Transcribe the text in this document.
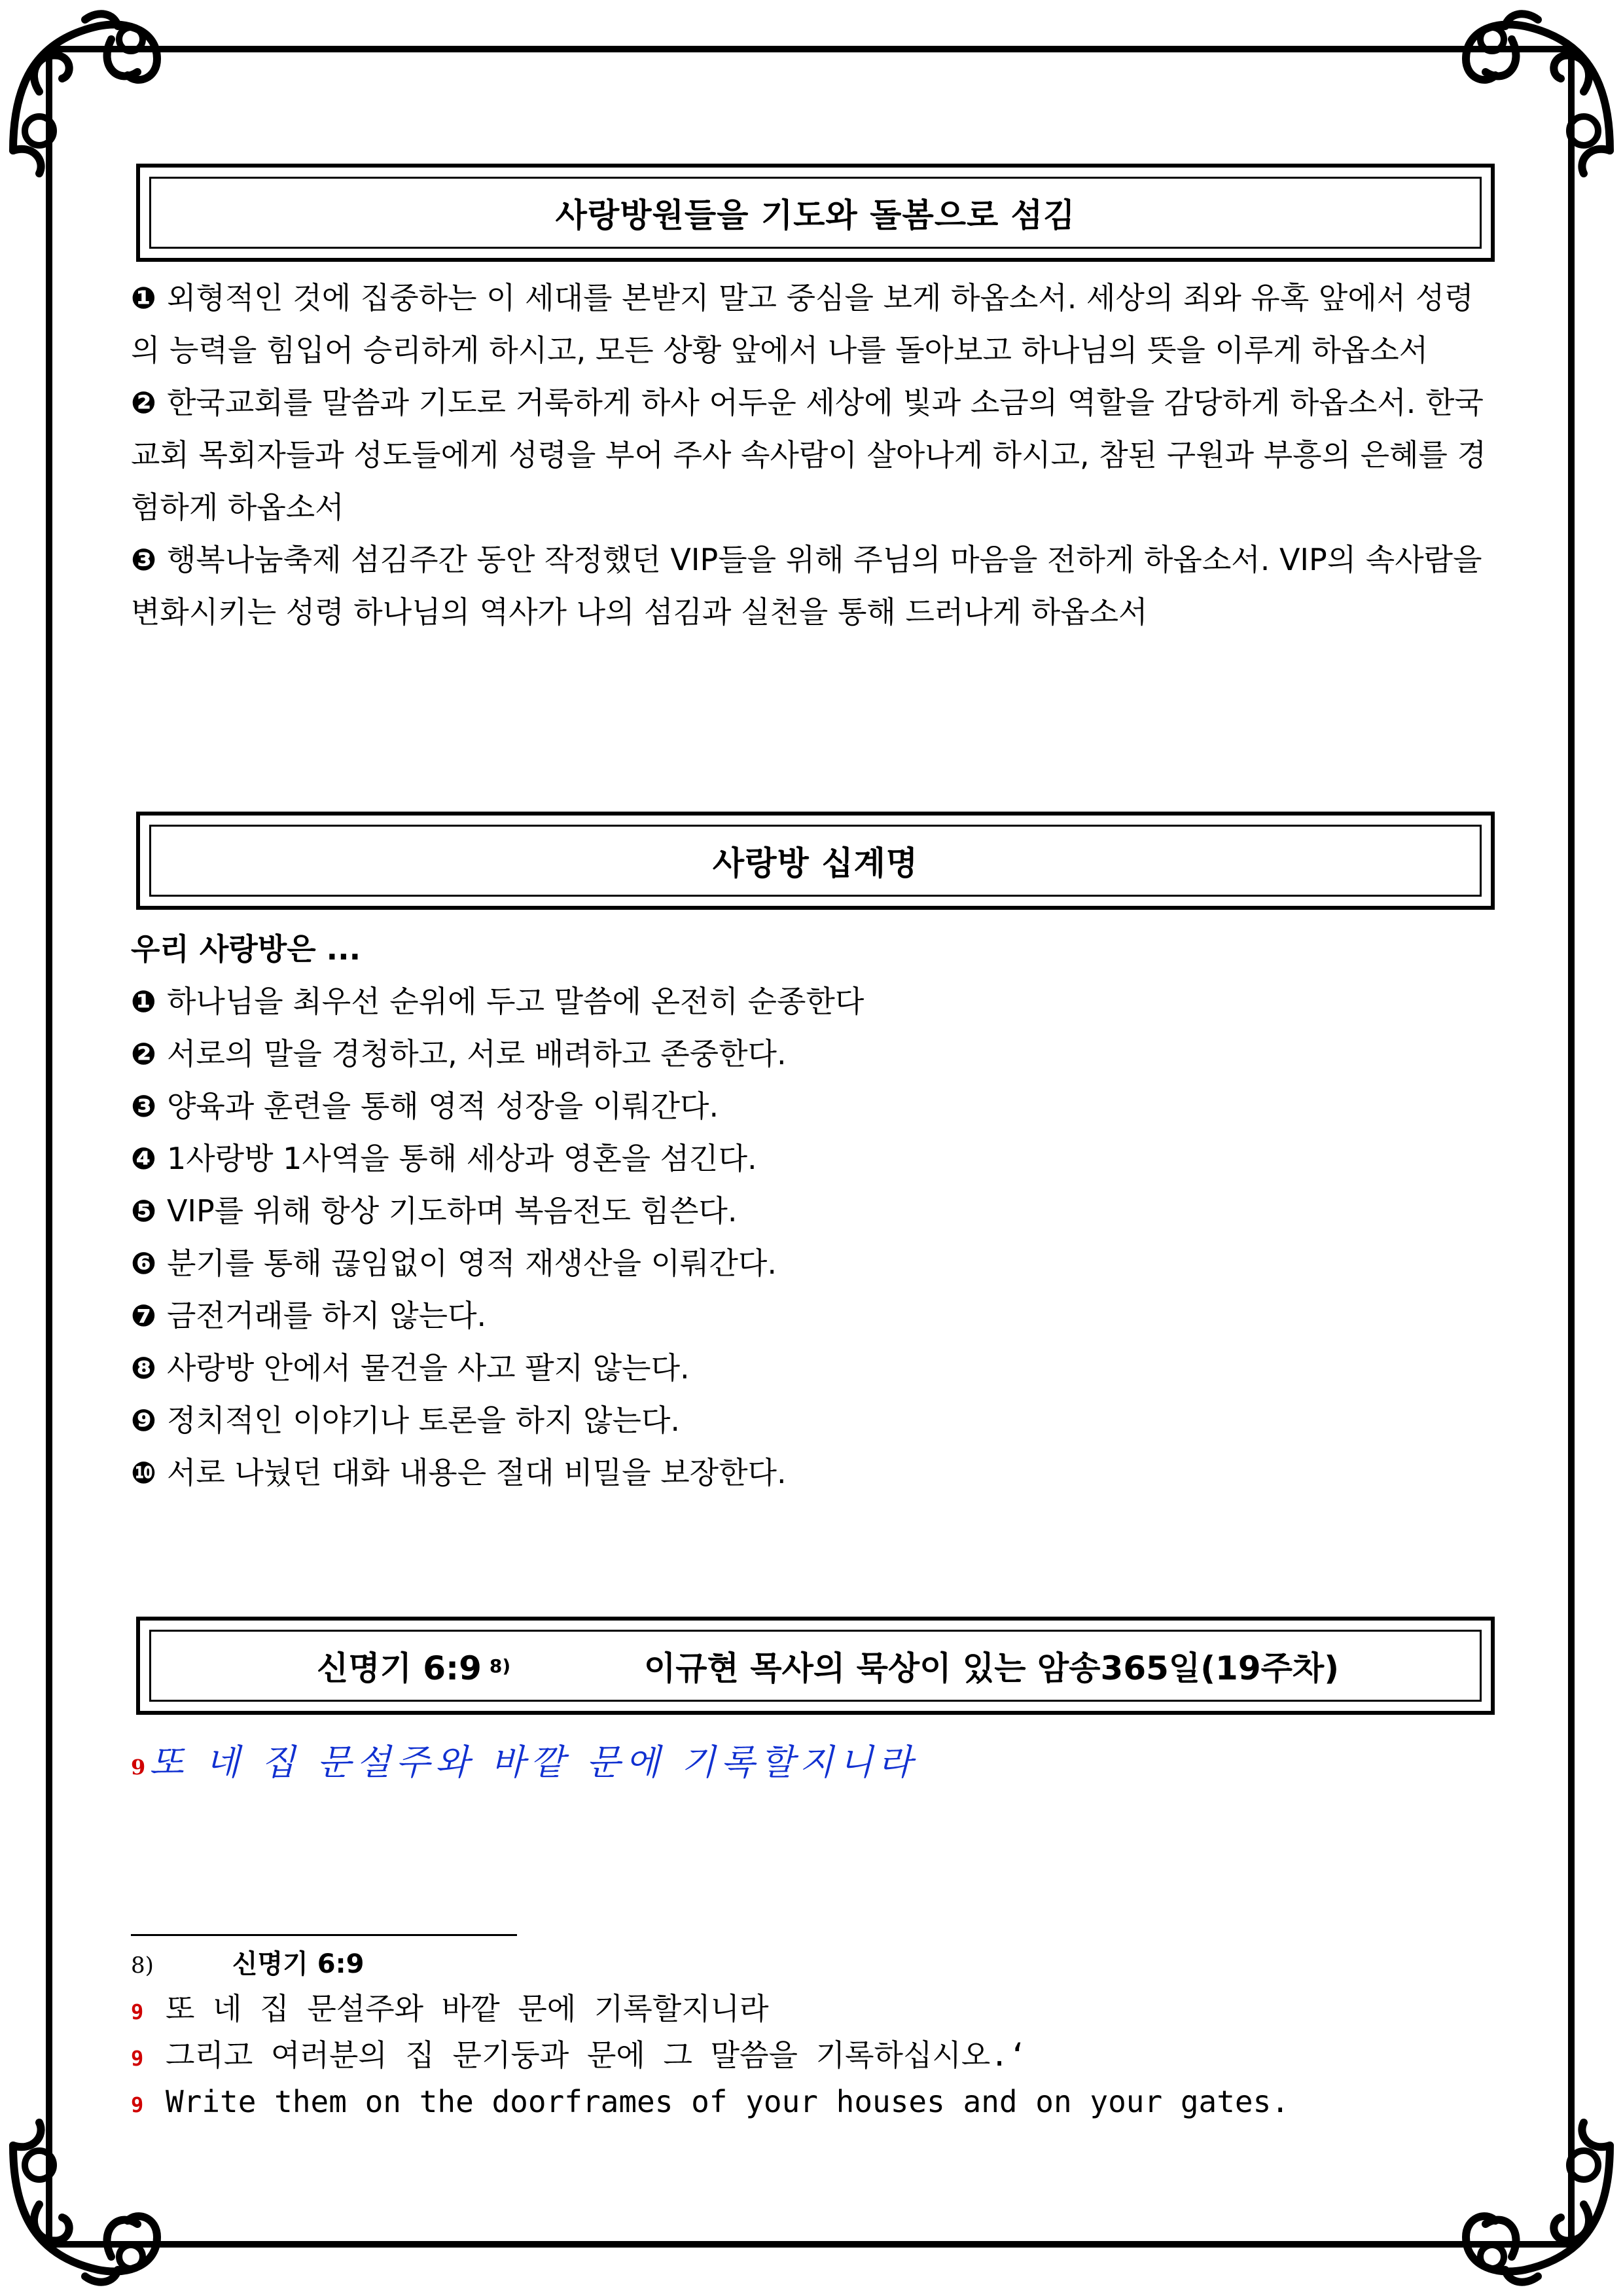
사랑방원들을 기도와 돌봄으로 섬김

❶ 외형적인 것에 집중하는 이 세대를 본받지 말고 중심을 보게 하옵소서. 세상의 죄와 유혹 앞에서 성령의 능력을 힘입어 승리하게 하시고, 모든 상황 앞에서 나를 돌아보고 하나님의 뜻을 이루게 하옵소서

❷ 한국교회를 말씀과 기도로 거룩하게 하사 어두운 세상에 빛과 소금의 역할을 감당하게 하옵소서. 한국교회 목회자들과 성도들에게 성령을 부어 주사 속사람이 살아나게 하시고, 참된 구원과 부흥의 은혜를 경험하게 하옵소서

❸ 행복나눔축제 섬김주간 동안 작정했던 VIP들을 위해 주님의 마음을 전하게 하옵소서. VIP의 속사람을 변화시키는 성령 하나님의 역사가 나의 섬김과 실천을 통해 드러나게 하옵소서

사랑방 십계명

우리 사랑방은 ...

❶ 하나님을 최우선 순위에 두고 말씀에 온전히 순종한다

❷ 서로의 말을 경청하고, 서로 배려하고 존중한다.

❸ 양육과 훈련을 통해 영적 성장을 이뤄간다.

❹ 1사랑방 1사역을 통해 세상과 영혼을 섬긴다.

❺ VIP를 위해 항상 기도하며 복음전도 힘쓴다.

❻ 분기를 통해 끊임없이 영적 재생산을 이뤄간다.

❼ 금전거래를 하지 않는다.

❽ 사랑방 안에서 물건을 사고 팔지 않는다.

❾ 정치적인 이야기나 토론을 하지 않는다.

❿ 서로 나눴던 대화 내용은 절대 비밀을 보장한다.

신명기 6:9 8)	이규현 목사의 묵상이 있는 암송365일(19주차)
9 또 네 집 문설주와 바깥 문에 기록할지니라
8)	신명기 6:9
9 또 네 집 문설주와 바깥 문에 기록할지니라
9 그리고 여러분의 집 문기둥과 문에 그 말씀을 기록하십시오.‘
9 Write them on the doorframes of your houses and on your gates.
